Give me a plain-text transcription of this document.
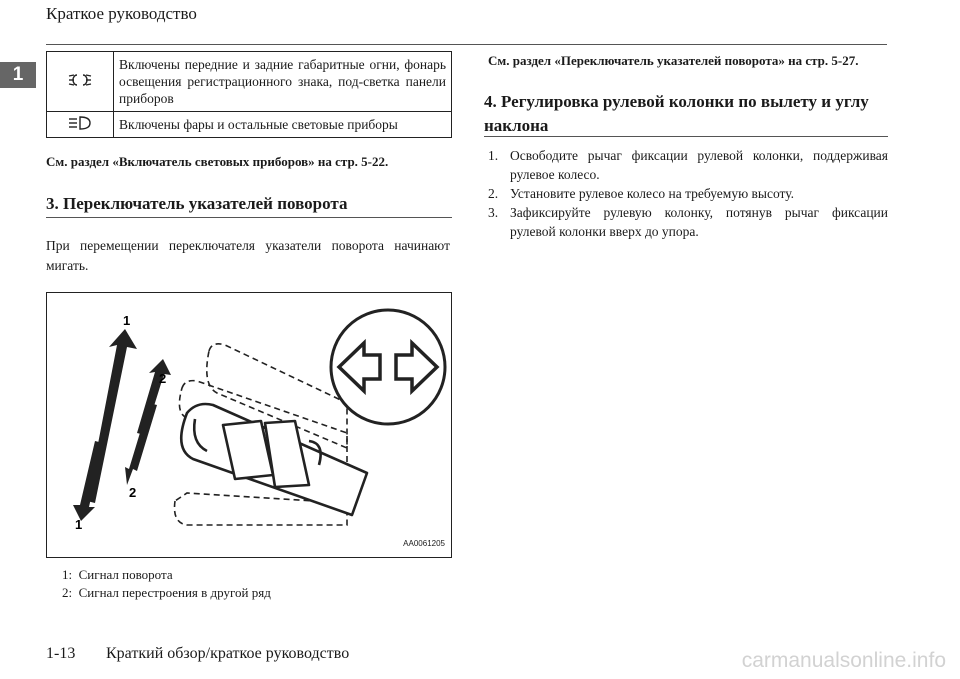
Краткое руководство
1
		Включены передние и задние габаритные огни, фонарь освещения регистрационного знака, под-светка панели приборов
	Включены фары и остальные световые приборы
См. раздел «Включатель световых приборов» на стр. 5-22.
3. Переключатель указателей поворота
При перемещении переключателя указатели поворота начинают мигать.
1
2
2
1
AA0061205
1: Сигнал поворота
2: Сигнал перестроения в другой ряд
См. раздел «Переключатель указателей поворота» на стр. 5-27.
4. Регулировка рулевой колонки по вылету и углу наклона
1. Освободите рычаг фиксации рулевой колонки, поддерживая рулевое колесо.
2. Установите рулевое колесо на требуемую высоту.
3. Зафиксируйте рулевую колонку, потянув рычаг фиксации рулевой колонки вверх до упора.
1-13 Краткий обзор/краткое руководство	carmanualsonline.info
